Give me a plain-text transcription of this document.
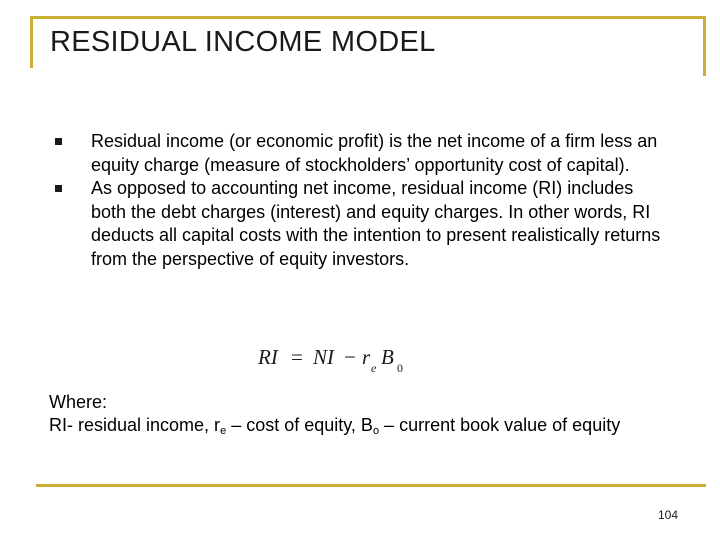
RESIDUAL INCOME MODEL
Residual income (or economic profit) is the net income of a firm less an equity charge (measure of stockholders’ opportunity cost of capital).
As opposed to accounting net income, residual income (RI) includes both the debt charges (interest) and equity charges. In other words, RI deducts all capital costs with the intention to present realistically returns from the perspective of equity investors.
RI = NI − r e B 0
Where:
RI- residual income, $r_e$ – cost of equity, $B_o$ – current book value of equity
104
